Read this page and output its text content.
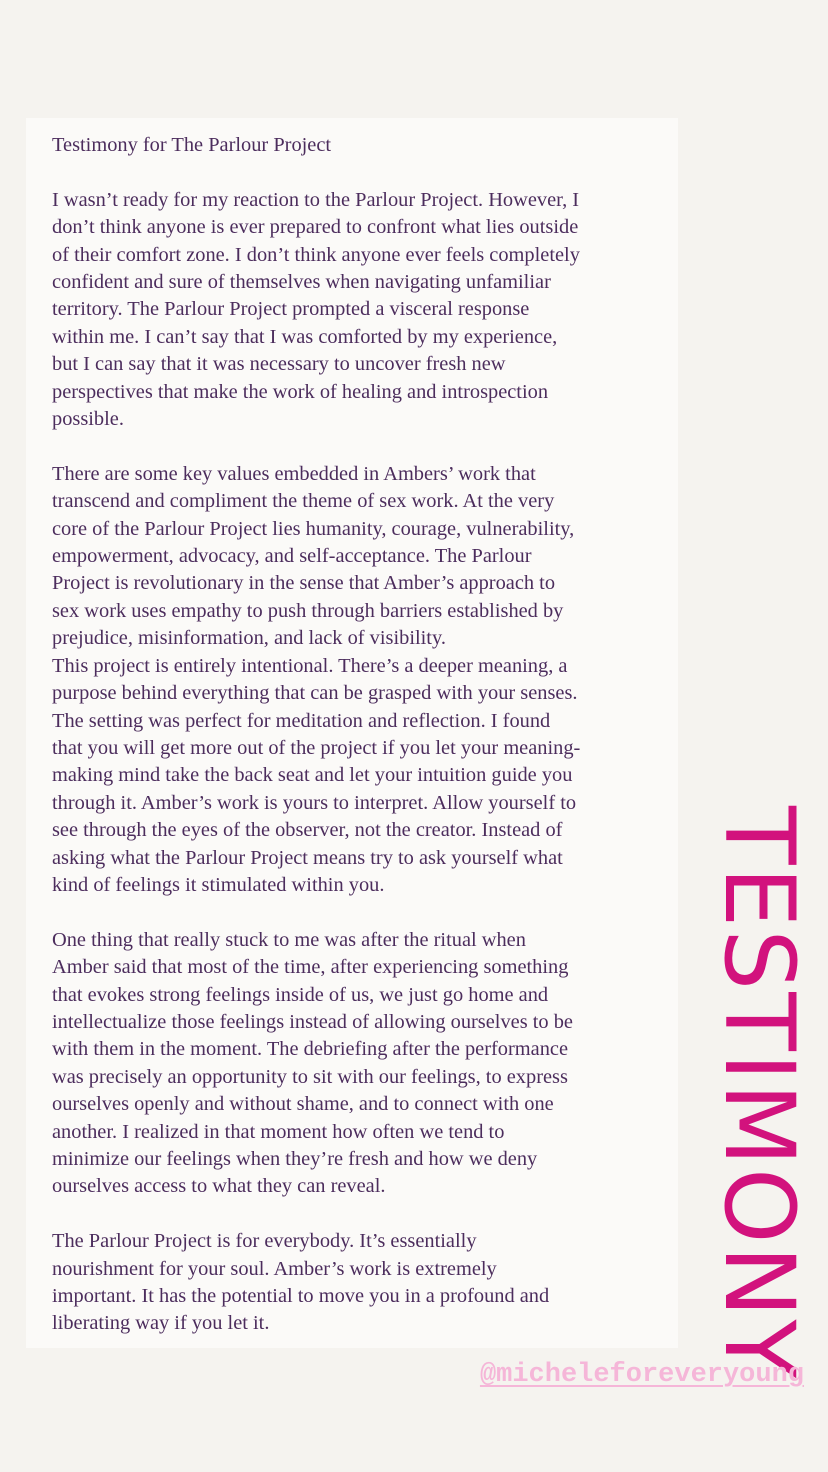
Testimony for The Parlour Project

I wasn’t ready for my reaction to the Parlour Project. However, I
don’t think anyone is ever prepared to confront what lies outside
of their comfort zone. I don’t think anyone ever feels completely
confident and sure of themselves when navigating unfamiliar
territory. The Parlour Project prompted a visceral response
within me. I can’t say that I was comforted by my experience,
but I can say that it was necessary to uncover fresh new
perspectives that make the work of healing and introspection
possible.

There are some key values embedded in Ambers’ work that
transcend and compliment the theme of sex work. At the very
core of the Parlour Project lies humanity, courage, vulnerability,
empowerment, advocacy, and self-acceptance. The Parlour
Project is revolutionary in the sense that Amber’s approach to
sex work uses empathy to push through barriers established by
prejudice, misinformation, and lack of visibility.

This project is entirely intentional. There’s a deeper meaning, a
purpose behind everything that can be grasped with your senses.
The setting was perfect for meditation and reflection. I found
that you will get more out of the project if you let your meaning-
making mind take the back seat and let your intuition guide you
through it. Amber’s work is yours to interpret. Allow yourself to
see through the eyes of the observer, not the creator. Instead of
asking what the Parlour Project means try to ask yourself what
kind of feelings it stimulated within you.

One thing that really stuck to me was after the ritual when
Amber said that most of the time, after experiencing something
that evokes strong feelings inside of us, we just go home and
intellectualize those feelings instead of allowing ourselves to be
with them in the moment. The debriefing after the performance
was precisely an opportunity to sit with our feelings, to express
ourselves openly and without shame, and to connect with one
another. I realized in that moment how often we tend to
minimize our feelings when they’re fresh and how we deny
ourselves access to what they can reveal.

The Parlour Project is for everybody. It’s essentially
nourishment for your soul. Amber’s work is extremely
important. It has the potential to move you in a profound and
liberating way if you let it.	TESTIMONY
@micheleforeveryoung
